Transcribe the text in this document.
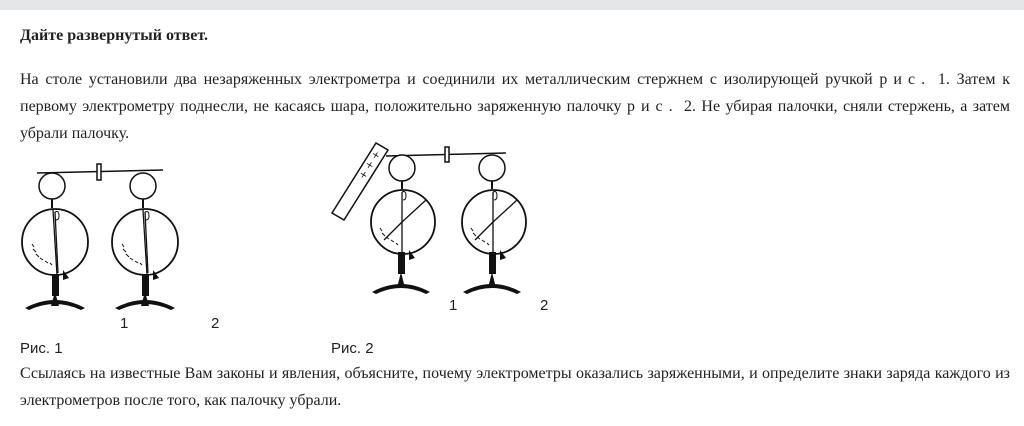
Дайте развернутый ответ.
На столе установили два незаряженных электрометра и соединили их металлическим стержнем с изолирующей ручкой рис. 1. Затем к первому электрометру поднесли, не касаясь шара, положительно заряженную палочку рис. 2. Не убирая палочки, сняли стержень, а затем убрали палочку.
1	2
Рис. 1
+ + +
1	2
Рис. 2
Ссылаясь на известные Вам законы и явления, объясните, почему электрометры оказались заряженными, и определите знаки заряда каждого из электрометров после того, как палочку убрали.
